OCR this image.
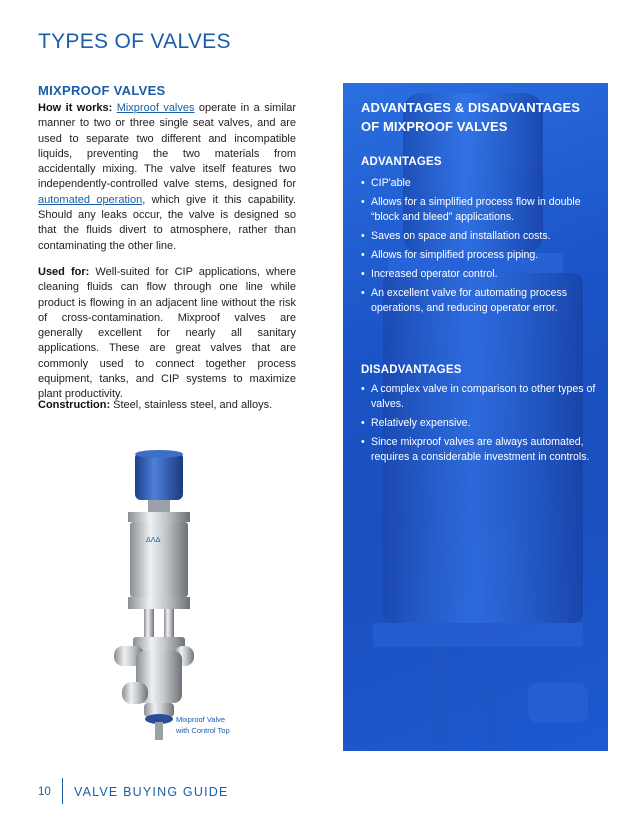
TYPES OF VALVES
MIXPROOF VALVES
How it works: Mixproof valves operate in a similar manner to two or three single seat valves, and are used to separate two different and incompatible liquids, preventing the two materials from accidentally mixing. The valve itself features two independently-controlled valve stems, designed for automated operation, which give it this capability. Should any leaks occur, the valve is designed so that the fluids divert to atmosphere, rather than contaminating the other line.
Used for: Well-suited for CIP applications, where cleaning fluids can flow through one line while product is flowing in an adjacent line without the risk of cross-contamination. Mixproof valves are generally excellent for nearly all sanitary applications. These are great valves that are commonly used to connect together process equipment, tanks, and CIP systems to maximize plant productivity.
Construction: Steel, stainless steel, and alloys.
ᐃᐱᐃ
Mixproof Valve
with Control Top
ADVANTAGES & DISADVANTAGES OF MIXPROOF VALVES
ADVANTAGES
• CIP'able
• Allows for a simplified process flow in double “block and bleed” applications.
• Saves on space and installation costs.
• Allows for simplified process piping.
• Increased operator control.
• An excellent valve for automating process operations, and reducing operator error.
DISADVANTAGES
• A complex valve in comparison to other types of valves.
• Relatively expensive.
• Since mixproof valves are always automated, requires a considerable investment in controls.
10 VALVE BUYING GUIDE
